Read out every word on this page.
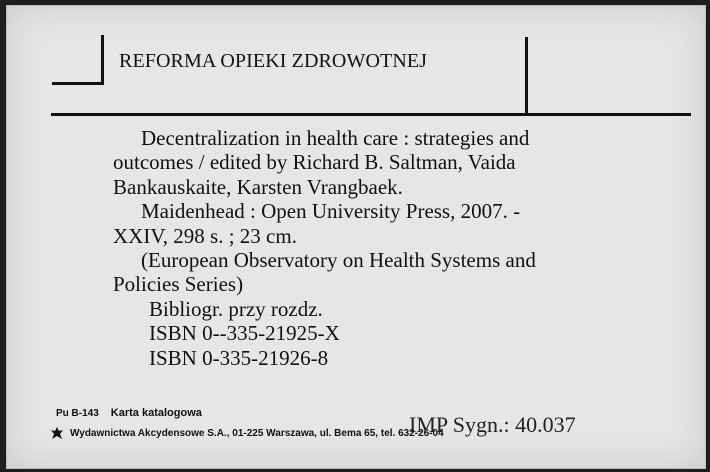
REFORMA OPIEKI ZDROWOTNEJ
Decentralization in health care : strategies and
outcomes / edited by Richard B. Saltman, Vaida
Bankauskaite, Karsten Vrangbaek.
Maidenhead : Open University Press, 2007. -
XXIV, 298 s. ; 23 cm.
(European Observatory on Health Systems and
Policies Series)
Bibliogr. przy rozdz.
ISBN 0--335-21925-X
ISBN 0-335-21926-8
Pu B-143 Karta katalogowa
Wydawnictwa Akcydensowe S.A., 01-225 Warszawa, ul. Bema 65, tel. 632-26-04
IMP Sygn.: 40.037
